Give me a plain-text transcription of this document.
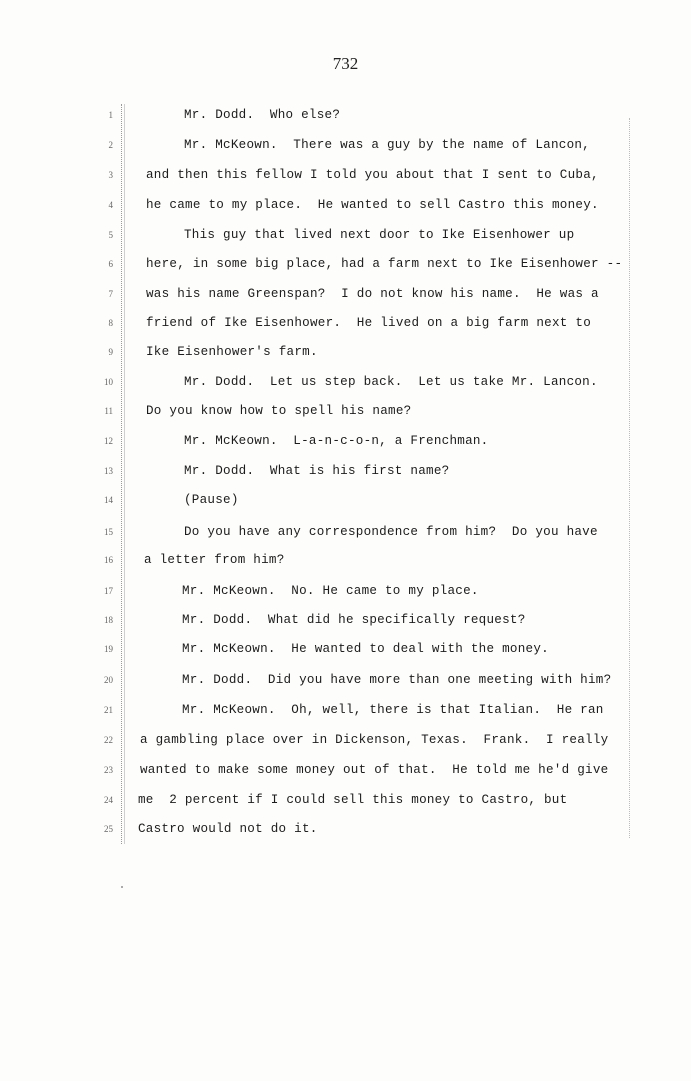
732
1	Mr. Dodd.  Who else?
2	Mr. McKeown.  There was a guy by the name of Lancon,
3	and then this fellow I told you about that I sent to Cuba,
4	he came to my place.  He wanted to sell Castro this money.
5	This guy that lived next door to Ike Eisenhower up
6	here, in some big place, had a farm next to Ike Eisenhower --
7	was his name Greenspan?  I do not know his name.  He was a
8	friend of Ike Eisenhower.  He lived on a big farm next to
9	Ike Eisenhower's farm.
10	Mr. Dodd.  Let us step back.  Let us take Mr. Lancon.
11	Do you know how to spell his name?
12	Mr. McKeown.  L-a-n-c-o-n, a Frenchman.
13	Mr. Dodd.  What is his first name?
14	(Pause)
15	Do you have any correspondence from him?  Do you have
16 a letter from him?
17	Mr. McKeown.  No. He came to my place.
18	Mr. Dodd.  What did he specifically request?
19	Mr. McKeown.  He wanted to deal with the money.
20	Mr. Dodd.  Did you have more than one meeting with him?
21	Mr. McKeown.  Oh, well, there is that Italian.  He ran
22 a gambling place over in Dickenson, Texas.  Frank.  I really
23 wanted to make some money out of that.  He told me he'd give
24 me  2 percent if I could sell this money to Castro, but
25 Castro would not do it.
